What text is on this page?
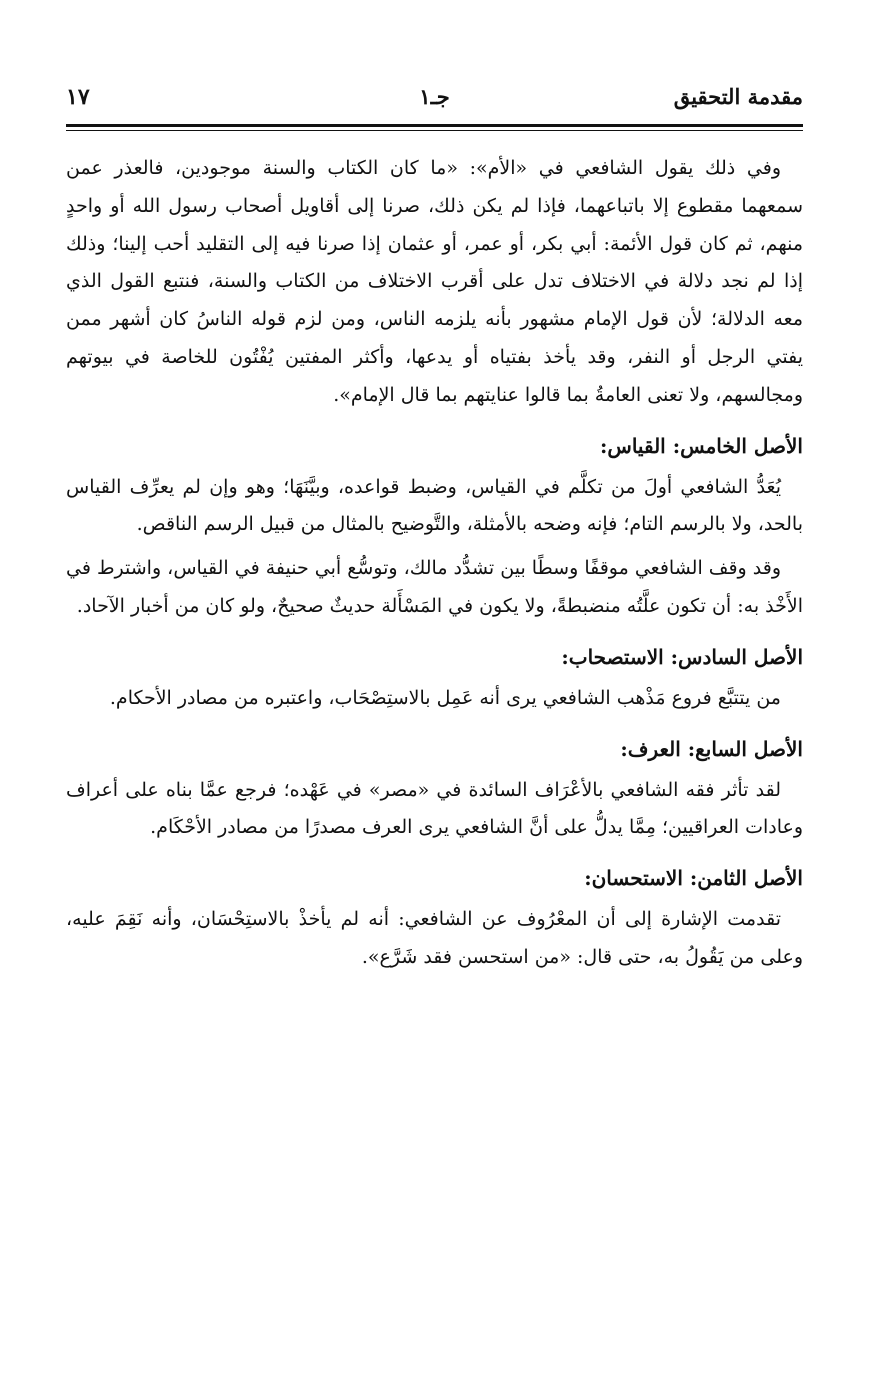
مقدمة التحقيق
جـ١
١٧

وفي ذلك يقول الشافعي في «الأم»: «ما كان الكتاب والسنة موجودين، فالعذر عمن سمعهما مقطوع إلا باتباعهما، فإذا لم يكن ذلك، صرنا إلى أقاويل أصحاب رسول الله أو واحدٍ منهم، ثم كان قول الأئمة: أبي بكر، أو عمر، أو عثمان إذا صرنا فيه إلى التقليد أحب إلينا؛ وذلك إذا لم نجد دلالة في الاختلاف تدل على أقرب الاختلاف من الكتاب والسنة، فنتبع القول الذي معه الدلالة؛ لأن قول الإمام مشهور بأنه يلزمه الناس، ومن لزم قوله الناسُ كان أشهر ممن يفتي الرجل أو النفر، وقد يأخذ بفتياه أو يدعها، وأكثر المفتين يُفْتُون للخاصة في بيوتهم ومجالسهم، ولا تعنى العامةُ بما قالوا عنايتهم بما قال الإمام».

الأصل الخامس: القياس:

يُعَدُّ الشافعي أولَ من تكلَّم في القياس، وضبط قواعده، وبيَّنَهَا؛ وهو وإن لم يعرِّف القياس بالحد، ولا بالرسم التام؛ فإنه وضحه بالأمثلة، والتَّوضيح بالمثال من قبيل الرسم الناقص.

وقد وقف الشافعي موقفًا وسطًا بين تشدُّد مالك، وتوسُّع أبي حنيفة في القياس، واشترط في الأَخْذ به: أن تكون علَّتُه منضبطةً، ولا يكون في المَسْأَلة حديثٌ صحيحٌ، ولو كان من أخبار الآحاد.

الأصل السادس: الاستصحاب:

من يتتبَّع فروع مَذْهب الشافعي يرى أنه عَمِل بالاستِصْحَاب، واعتبره من مصادر الأحكام.

الأصل السابع: العرف:

لقد تأثر فقه الشافعي بالأعْرَاف السائدة في «مصر» في عَهْده؛ فرجع عمَّا بناه على أعراف وعادات العراقيين؛ مِمَّا يدلُّ على أنَّ الشافعي يرى العرف مصدرًا من مصادر الأحْكَام.

الأصل الثامن: الاستحسان:

تقدمت الإشارة إلى أن المعْرُوف عن الشافعي: أنه لم يأخذْ بالاستِحْسَان، وأنه نَقِمَ عليه، وعلى من يَقُولُ به، حتى قال: «من استحسن فقد شَرَّع».
